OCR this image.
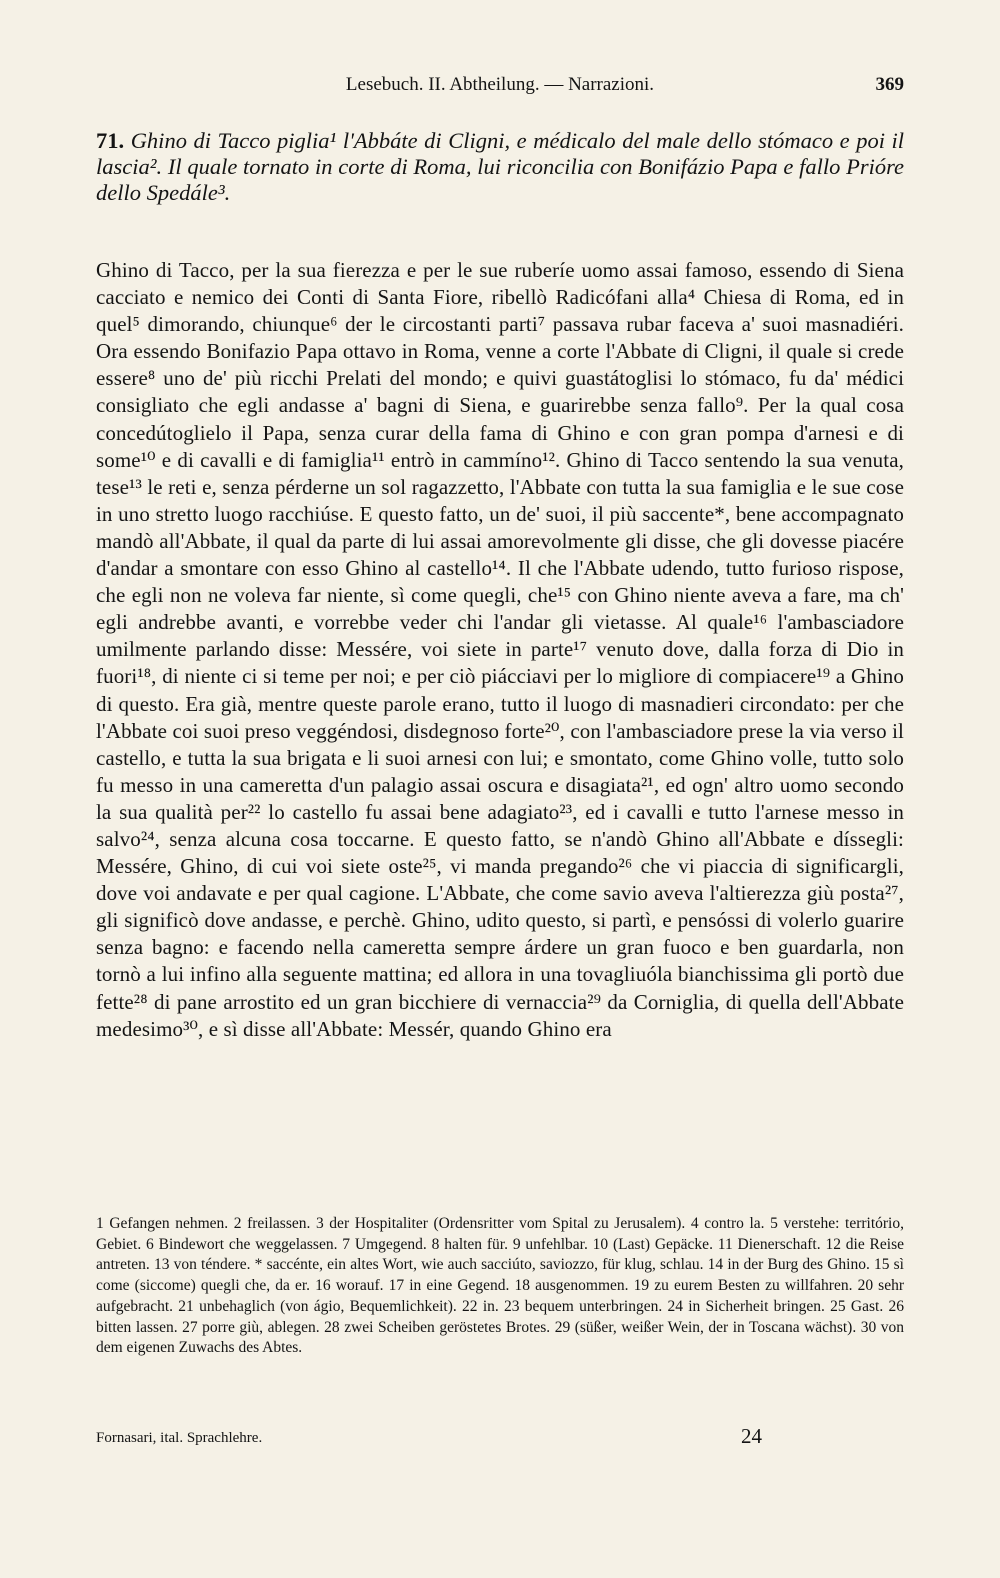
Lesebuch. II. Abtheilung. — Narrazioni.	369
71. Ghino di Tacco piglia¹ l'Abbáte di Cligni, e médicalo del male dello stómaco e poi il lascia². Il quale tornato in corte di Roma, lui riconcilia con Bonifázio Papa e fallo Prióre dello Spedále³.
Ghino di Tacco, per la sua fierezza e per le sue ruberíe uomo assai famoso, essendo di Siena cacciato e nemico dei Conti di Santa Fiore, ribellò Radicófani alla⁴ Chiesa di Roma, ed in quel⁵ dimorando, chiunque⁶ der le circostanti parti⁷ passava rubar faceva a' suoi masnadiéri. Ora essendo Bonifazio Papa ottavo in Roma, venne a corte l'Abbate di Cligni, il quale si crede essere⁸ uno de' più ricchi Prelati del mondo; e quivi guastátoglisi lo stómaco, fu da' médici consigliato che egli andasse a' bagni di Siena, e guarirebbe senza fallo⁹. Per la qual cosa concedútoglielo il Papa, senza curar della fama di Ghino e con gran pompa d'arnesi e di some¹⁰ e di cavalli e di famiglia¹¹ entrò in cammíno¹². Ghino di Tacco sentendo la sua venuta, tese¹³ le reti e, senza pérderne un sol ragazzetto, l'Abbate con tutta la sua famiglia e le sue cose in uno stretto luogo racchiúse. E questo fatto, un de' suoi, il più saccente*, bene accompagnato mandò all'Abbate, il qual da parte di lui assai amorevolmente gli disse, che gli dovesse piacére d'andar a smontare con esso Ghino al castello¹⁴. Il che l'Abbate udendo, tutto furioso rispose, che egli non ne voleva far niente, sì come quegli, che¹⁵ con Ghino niente aveva a fare, ma ch' egli andrebbe avanti, e vorrebbe veder chi l'andar gli vietasse. Al quale¹⁶ l'ambasciadore umilmente parlando disse: Messére, voi siete in parte¹⁷ venuto dove, dalla forza di Dio in fuori¹⁸, di niente ci si teme per noi; e per ciò piácciavi per lo migliore di compiacere¹⁹ a Ghino di questo. Era già, mentre queste parole erano, tutto il luogo di masnadieri circondato: per che l'Abbate coi suoi preso veggéndosi, disdegnoso forte²⁰, con l'ambasciadore prese la via verso il castello, e tutta la sua brigata e li suoi arnesi con lui; e smontato, come Ghino volle, tutto solo fu messo in una cameretta d'un palagio assai oscura e disagiata²¹, ed ogn' altro uomo secondo la sua qualità per²² lo castello fu assai bene adagiato²³, ed i cavalli e tutto l'arnese messo in salvo²⁴, senza alcuna cosa toccarne. E questo fatto, se n'andò Ghino all'Abbate e díssegli: Messére, Ghino, di cui voi siete oste²⁵, vi manda pregando²⁶ che vi piaccia di significargli, dove voi andavate e per qual cagione. L'Abbate, che come savio aveva l'altierezza giù posta²⁷, gli significò dove andasse, e perchè. Ghino, udito questo, si partì, e pensóssi di volerlo guarire senza bagno: e facendo nella cameretta sempre árdere un gran fuoco e ben guardarla, non tornò a lui infino alla seguente mattina; ed allora in una tovagliuóla bianchissima gli portò due fette²⁸ di pane arrostito ed un gran bicchiere di vernaccia²⁹ da Corniglia, di quella dell'Abbate medesimo³⁰, e sì disse all'Abbate: Messér, quando Ghino era
1 Gefangen nehmen. 2 freilassen. 3 der Hospitaliter (Ordensritter vom Spital zu Jerusalem). 4 contro la. 5 verstehe: território, Gebiet. 6 Bindewort che weggelassen. 7 Umgegend. 8 halten für. 9 unfehlbar. 10 (Last) Gepäcke. 11 Dienerschaft. 12 die Reise antreten. 13 von téndere. * saccénte, ein altes Wort, wie auch sacciúto, saviozzo, für klug, schlau. 14 in der Burg des Ghino. 15 sì come (siccome) quegli che, da er. 16 worauf. 17 in eine Gegend. 18 ausgenommen. 19 zu eurem Besten zu willfahren. 20 sehr aufgebracht. 21 unbehaglich (von ágio, Bequemlichkeit). 22 in. 23 bequem unterbringen. 24 in Sicherheit bringen. 25 Gast. 26 bitten lassen. 27 porre giù, ablegen. 28 zwei Scheiben geröstetes Brotes. 29 (süßer, weißer Wein, der in Toscana wächst). 30 von dem eigenen Zuwachs des Abtes.
Fornasari, ital. Sprachlehre.	24
